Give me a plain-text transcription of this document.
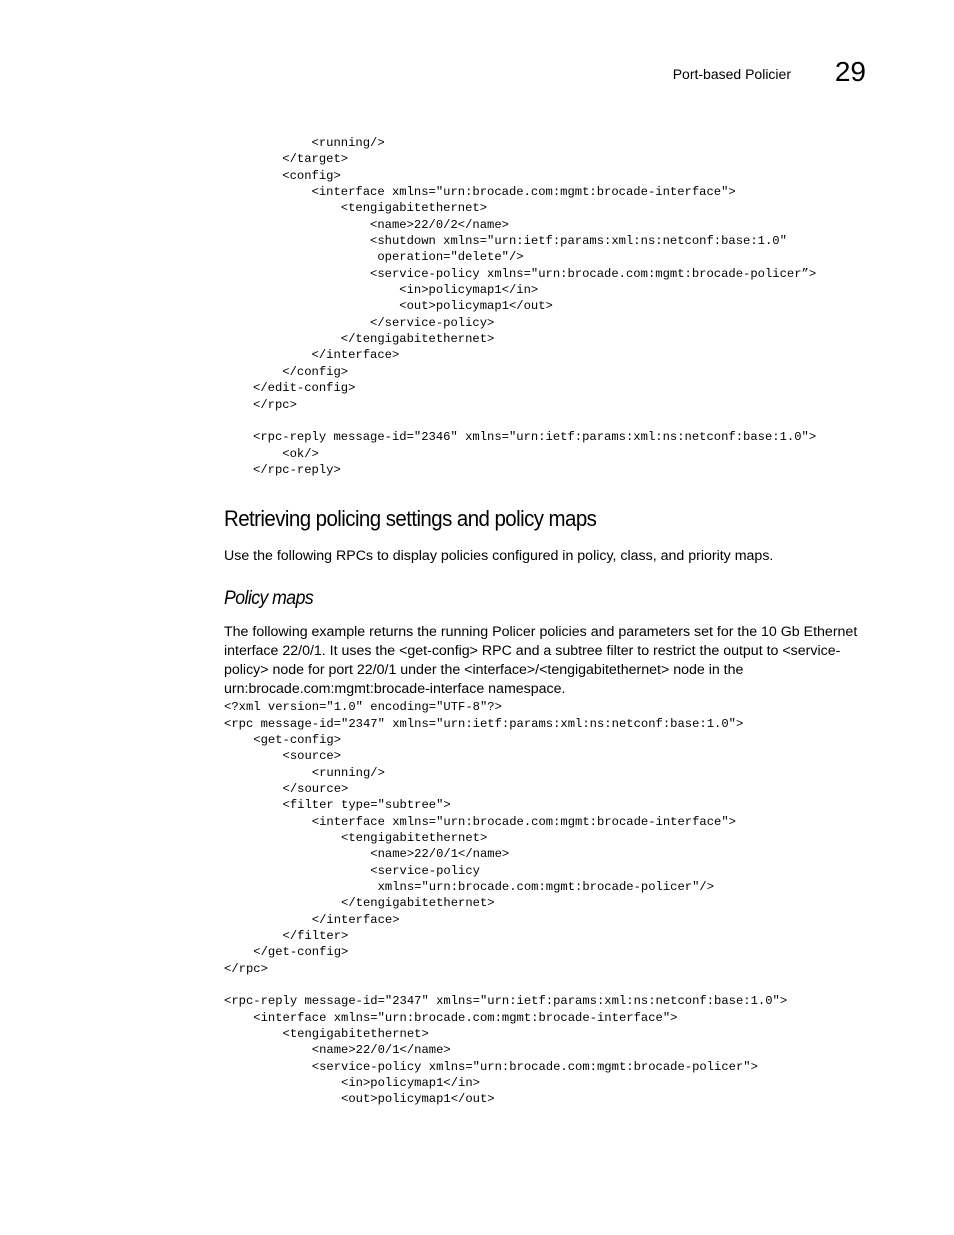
Port-based Policier 29
<running/>
</target>
<config>
<interface xmlns="urn:brocade.com:mgmt:brocade-interface">
<tengigabitethernet>
<name>22/0/2</name>
<shutdown xmlns="urn:ietf:params:xml:ns:netconf:base:1.0"
operation="delete"/>
<service-policy xmlns="urn:brocade.com:mgmt:brocade-policer”>
<in>policymap1</in>
<out>policymap1</out>
</service-policy>
</tengigabitethernet>
</interface>
</config>
</edit-config>
</rpc>

<rpc-reply message-id="2346" xmlns="urn:ietf:params:xml:ns:netconf:base:1.0">
<ok/>
</rpc-reply>
Retrieving policing settings and policy maps

Use the following RPCs to display policies configured in policy, class, and priority maps.

Policy maps

The following example returns the running Policer policies and parameters set for the 10 Gb Ethernet interface 22/0/1. It uses the <get-config> RPC and a subtree filter to restrict the output to <service-policy> node for port 22/0/1 under the <interface>/<tengigabitethernet> node in the urn:brocade.com:mgmt:brocade-interface namespace.

<?xml version="1.0" encoding="UTF-8"?>
<rpc message-id="2347" xmlns="urn:ietf:params:xml:ns:netconf:base:1.0">
<get-config>
<source>
<running/>
</source>
<filter type="subtree">
<interface xmlns="urn:brocade.com:mgmt:brocade-interface">
<tengigabitethernet>
<name>22/0/1</name>
<service-policy
xmlns="urn:brocade.com:mgmt:brocade-policer"/>
</tengigabitethernet>
</interface>
</filter>
</get-config>
</rpc>

<rpc-reply message-id="2347" xmlns="urn:ietf:params:xml:ns:netconf:base:1.0">
<interface xmlns="urn:brocade.com:mgmt:brocade-interface">
<tengigabitethernet>
<name>22/0/1</name>
<service-policy xmlns="urn:brocade.com:mgmt:brocade-policer">
<in>policymap1</in>
<out>policymap1</out>
